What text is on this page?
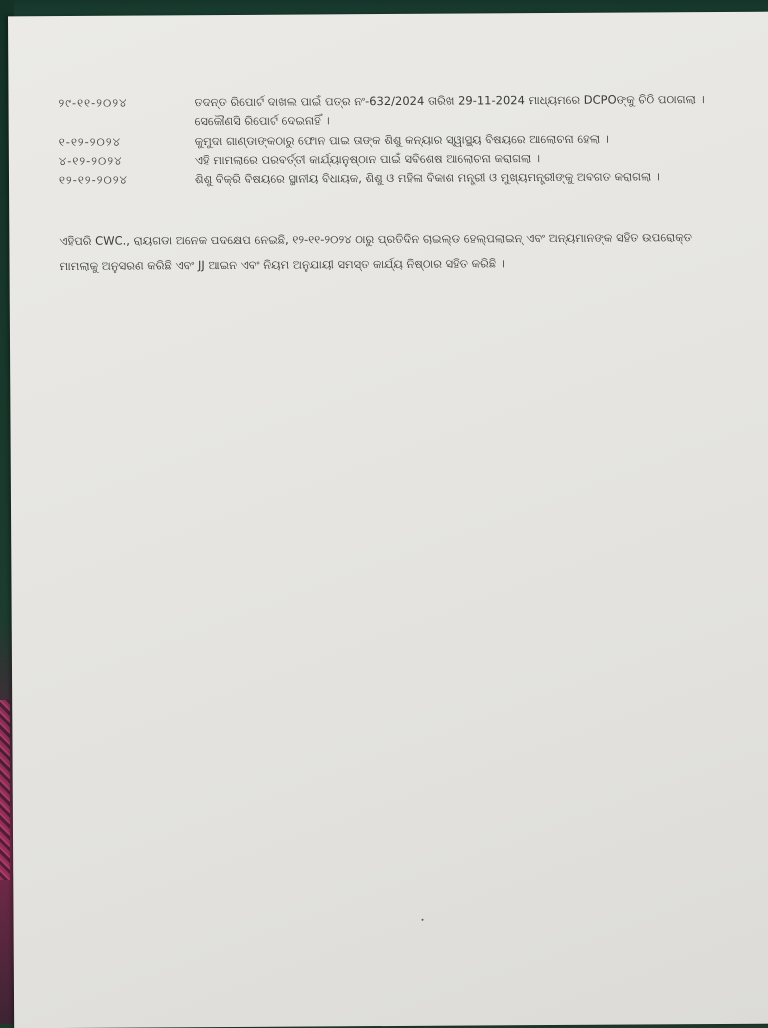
୨୯-୧୧-୨୦୨୪	ତଦନ୍ତ ରିପୋର୍ଟ ଦାଖଲ ପାଇଁ ପତ୍ର ନଂ-632/2024 ତାରିଖ 29-11-2024 ମାଧ୍ୟମରେ DCPOଙ୍କୁ ଚିଠି ପଠାଗଲା ।
ସେକୌଣସି ରିପୋର୍ଟ ଦେଇନାହିଁ ।
୧-୧୨-୨୦୨୪	କୁମୁଦା ଗାଣ୍ଡାଙ୍କଠାରୁ ଫୋନ ପାଇ ତାଙ୍କ ଶିଶୁ କନ୍ୟାର ସ୍ୱାସ୍ଥ୍ୟ ବିଷୟରେ ଆଲୋଚନା ହେଲା ।
୪-୧୨-୨୦୨୪	ଏହି ମାମଲାରେ ପରବର୍ତ୍ତୀ କାର୍ଯ୍ୟାନୁଷ୍ଠାନ ପାଇଁ ସବିଶେଷ ଆଲୋଚନା କରାଗଲା ।
୧୨-୧୨-୨୦୨୪	ଶିଶୁ ବିକ୍ରି ବିଷୟରେ ସ୍ଥାନୀୟ ବିଧାୟକ, ଶିଶୁ ଓ ମହିଳା ବିକାଶ ମନ୍ତ୍ରୀ ଓ ମୁଖ୍ୟମନ୍ତ୍ରୀଙ୍କୁ ଅବଗତ କରାଗଲା ।
ଏହିପରି CWC., ରାୟଗଡା ଅନେକ ପଦକ୍ଷେପ ନେଇଛି, ୧୨-୧୧-୨୦୨୪ ଠାରୁ ପ୍ରତିଦିନ ଚାଇଲ୍ଡ ହେଲ୍ପଲାଇନ୍ ଏବଂ ଅନ୍ୟମାନଙ୍କ ସହିତ ଉପରୋକ୍ତ
ମାମଲାକୁ ଅନୁସରଣ କରିଛି ଏବଂ JJ ଆଇନ ଏବଂ ନିୟମ ଅନୁଯାୟୀ ସମସ୍ତ କାର୍ଯ୍ୟ ନିଷ୍ଠାର ସହିତ କରିଛି ।
